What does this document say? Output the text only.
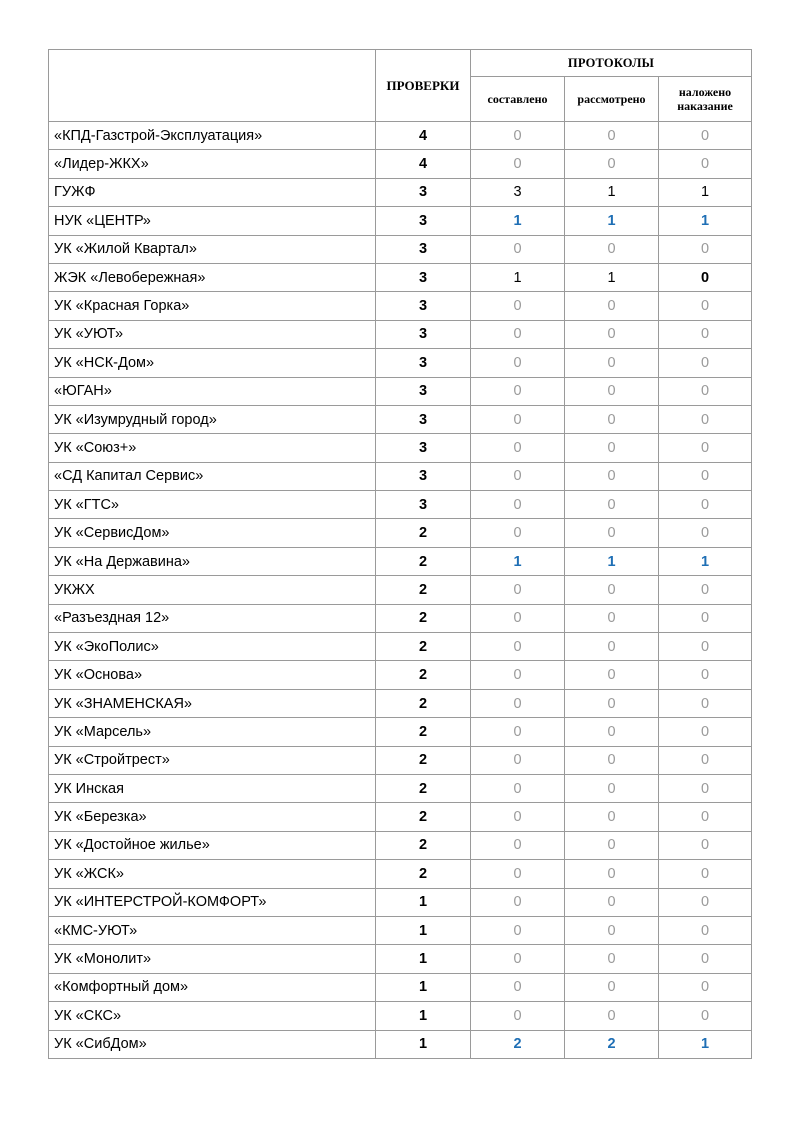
	ПРОВЕРКИ	ПРОТОКОЛЫ		
		составлено	рассмотрено	наложено наказание
«КПД-Газстрой-Эксплуатация»	4	0	0	0
«Лидер-ЖКХ»	4	0	0	0
ГУЖФ	3	3	1	1
НУК «ЦЕНТР»	3	1	1	1
УК «Жилой Квартал»	3	0	0	0
ЖЭК «Левобережная»	3	1	1	0
УК «Красная Горка»	3	0	0	0
УК «УЮТ»	3	0	0	0
УК «НСК-Дом»	3	0	0	0
«ЮГАН»	3	0	0	0
УК «Изумрудный город»	3	0	0	0
УК «Союз+»	3	0	0	0
«СД Капитал Сервис»	3	0	0	0
УК «ГТС»	3	0	0	0
УК «СервисДом»	2	0	0	0
УК «На Державина»	2	1	1	1
УКЖХ	2	0	0	0
«Разъездная 12»	2	0	0	0
УК «ЭкоПолис»	2	0	0	0
УК «Основа»	2	0	0	0
УК «ЗНАМЕНСКАЯ»	2	0	0	0
УК «Марсель»	2	0	0	0
УК «Стройтрест»	2	0	0	0
УК Инская	2	0	0	0
УК «Березка»	2	0	0	0
УК «Достойное жилье»	2	0	0	0
УК «ЖСК»	2	0	0	0
УК «ИНТЕРСТРОЙ-КОМФОРТ»	1	0	0	0
«КМС-УЮТ»	1	0	0	0
УК «Монолит»	1	0	0	0
«Комфортный дом»	1	0	0	0
УК «СКС»	1	0	0	0
УК «СибДом»	1	2	2	1
